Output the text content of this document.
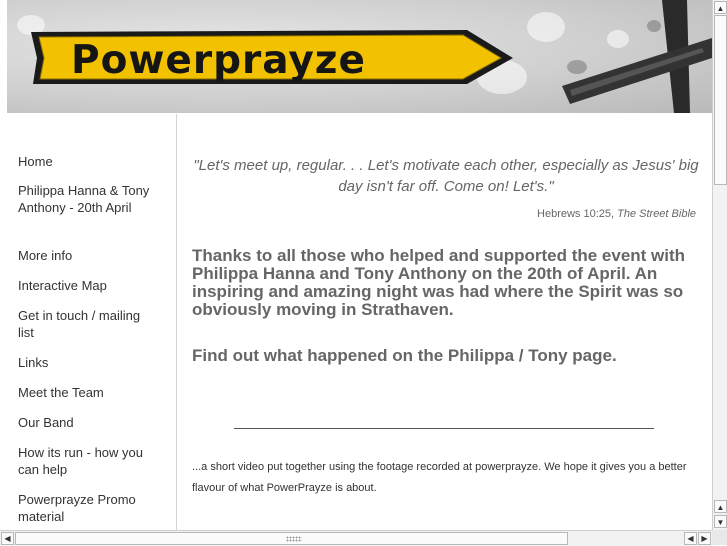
Powerprayze
Home
Philippa Hanna & Tony Anthony - 20th April
More info
Interactive Map
Get in touch / mailing list
Links
Meet the Team
Our Band
How its run - how you can help
Powerprayze Promo material
"Let's meet up, regular. . . Let's motivate each other, especially as Jesus' big day isn't far off. Come on! Let's."
Hebrews 10:25, The Street Bible
Thanks to all those who helped and supported the event with Philippa Hanna and Tony Anthony on the 20th of April. An inspiring and amazing night was had where the Spirit was so obviously moving in Strathaven.
Find out what happened on the Philippa / Tony page.
...a short video put together using the footage recorded at powerprayze. We hope it gives you a better flavour of what PowerPrayze is about.
▲
▲
▼
◀	◀ ▶
